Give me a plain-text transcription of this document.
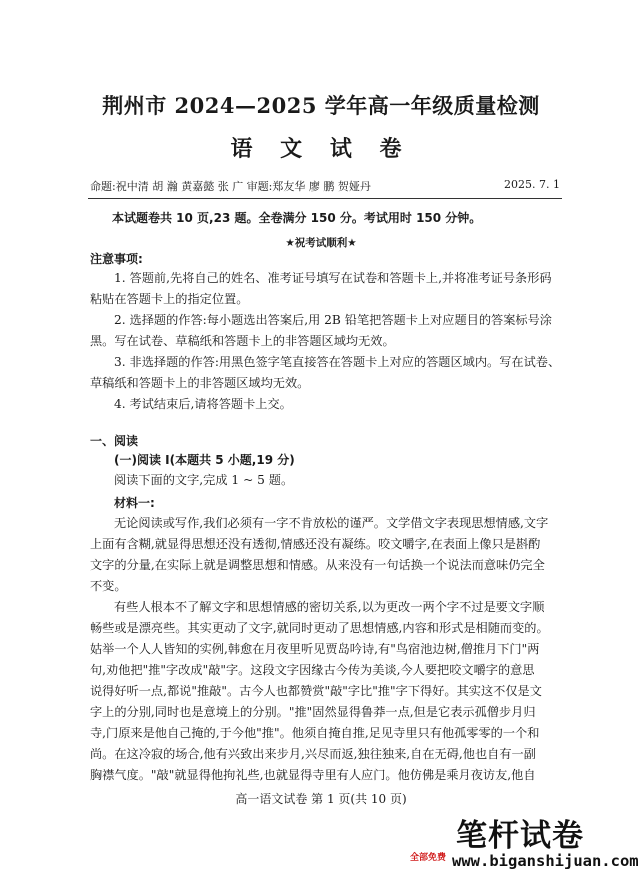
荆州市 2024—2025 学年高一年级质量检测
语 文 试 卷
命题:祝中清 胡 瀚 黄嘉懿 张 广 审题:郑友华 廖 鹏 贺娅丹	2025. 7. 1
本试题卷共 10 页,23 题。全卷满分 150 分。考试用时 150 分钟。
★祝考试顺利★
注意事项:
1. 答题前,先将自己的姓名、准考证号填写在试卷和答题卡上,并将准考证号条形码
粘贴在答题卡上的指定位置。
2. 选择题的作答:每小题选出答案后,用 2B 铅笔把答题卡上对应题目的答案标号涂
黑。写在试卷、草稿纸和答题卡上的非答题区域均无效。
3. 非选择题的作答:用黑色签字笔直接答在答题卡上对应的答题区域内。写在试卷、
草稿纸和答题卡上的非答题区域均无效。
4. 考试结束后,请将答题卡上交。
一、阅读
(一)阅读 I(本题共 5 小题,19 分)
阅读下面的文字,完成 1 ~ 5 题。
材料一:
无论阅读或写作,我们必须有一字不肯放松的谨严。文学借文字表现思想情感,文字
上面有含糊,就显得思想还没有透彻,情感还没有凝练。咬文嚼字,在表面上像只是斟酌
文字的分量,在实际上就是调整思想和情感。从来没有一句话换一个说法而意味仍完全
不变。
有些人根本不了解文字和思想情感的密切关系,以为更改一两个字不过是要文字顺
畅些或是漂亮些。其实更动了文字,就同时更动了思想情感,内容和形式是相随而变的。
姑举一个人人皆知的实例,韩愈在月夜里听见贾岛吟诗,有"鸟宿池边树,僧推月下门"两
句,劝他把"推"字改成"敲"字。这段文字因缘古今传为美谈,今人要把咬文嚼字的意思
说得好听一点,都说"推敲"。古今人也都赞赏"敲"字比"推"字下得好。其实这不仅是文
字上的分别,同时也是意境上的分别。"推"固然显得鲁莽一点,但是它表示孤僧步月归
寺,门原来是他自己掩的,于今他"推"。他须自掩自推,足见寺里只有他孤零零的一个和
尚。在这冷寂的场合,他有兴致出来步月,兴尽而返,独往独来,自在无碍,他也自有一副
胸襟气度。"敲"就显得他拘礼些,也就显得寺里有人应门。他仿佛是乘月夜访友,他自
高一语文试卷 第 1 页(共 10 页)
笔杆试卷
全部免费 www.biganshijuan.com
